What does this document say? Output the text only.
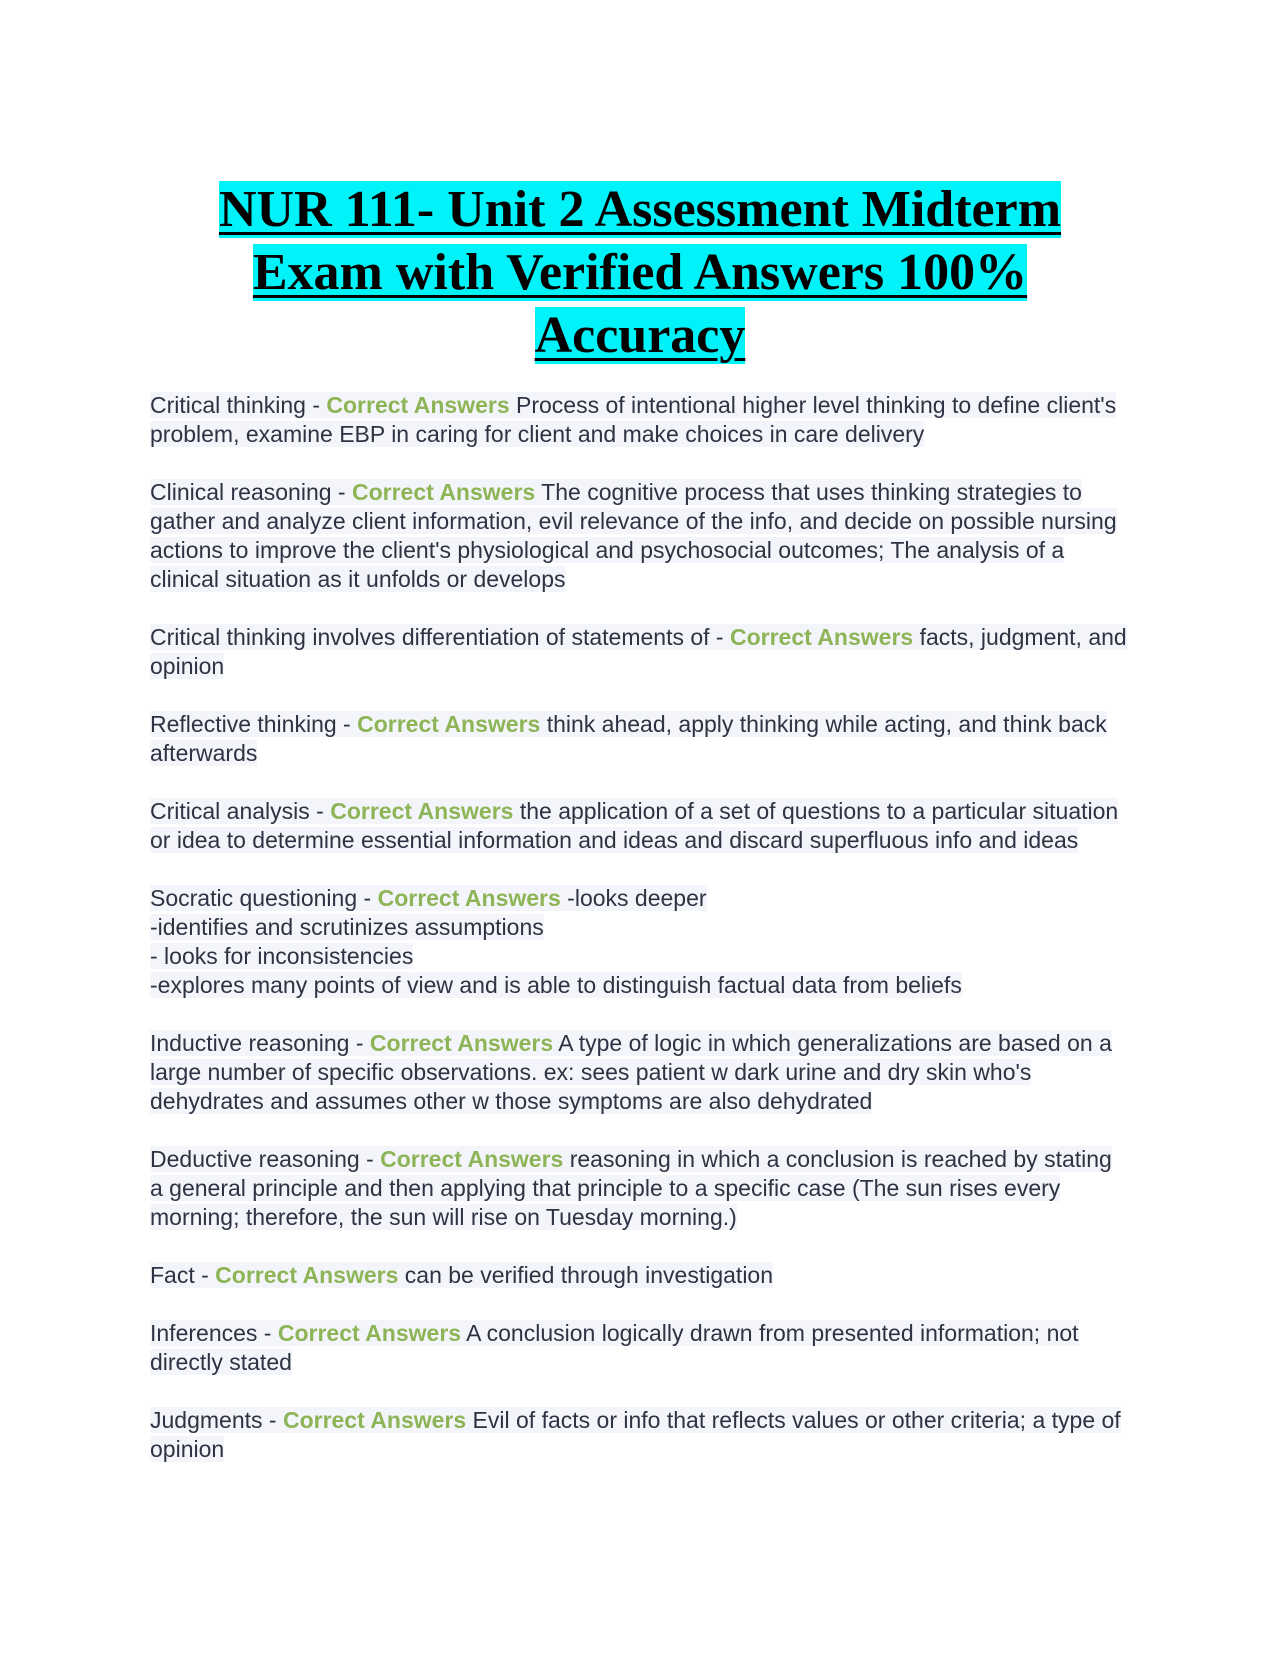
NUR 111- Unit 2 Assessment Midterm Exam with Verified Answers 100% Accuracy

Critical thinking - Correct Answers Process of intentional higher level thinking to define client's problem, examine EBP in caring for client and make choices in care delivery

Clinical reasoning - Correct Answers The cognitive process that uses thinking strategies to gather and analyze client information, evil relevance of the info, and decide on possible nursing actions to improve the client's physiological and psychosocial outcomes; The analysis of a clinical situation as it unfolds or develops

Critical thinking involves differentiation of statements of - Correct Answers facts, judgment, and opinion

Reflective thinking - Correct Answers think ahead, apply thinking while acting, and think back afterwards

Critical analysis - Correct Answers the application of a set of questions to a particular situation or idea to determine essential information and ideas and discard superfluous info and ideas

Socratic questioning - Correct Answers -looks deeper
-identifies and scrutinizes assumptions
- looks for inconsistencies
-explores many points of view and is able to distinguish factual data from beliefs

Inductive reasoning - Correct Answers A type of logic in which generalizations are based on a large number of specific observations. ex: sees patient w dark urine and dry skin who's dehydrates and assumes other w those symptoms are also dehydrated

Deductive reasoning - Correct Answers reasoning in which a conclusion is reached by stating a general principle and then applying that principle to a specific case (The sun rises every morning; therefore, the sun will rise on Tuesday morning.)

Fact - Correct Answers can be verified through investigation

Inferences - Correct Answers A conclusion logically drawn from presented information; not directly stated

Judgments - Correct Answers Evil of facts or info that reflects values or other criteria; a type of opinion
